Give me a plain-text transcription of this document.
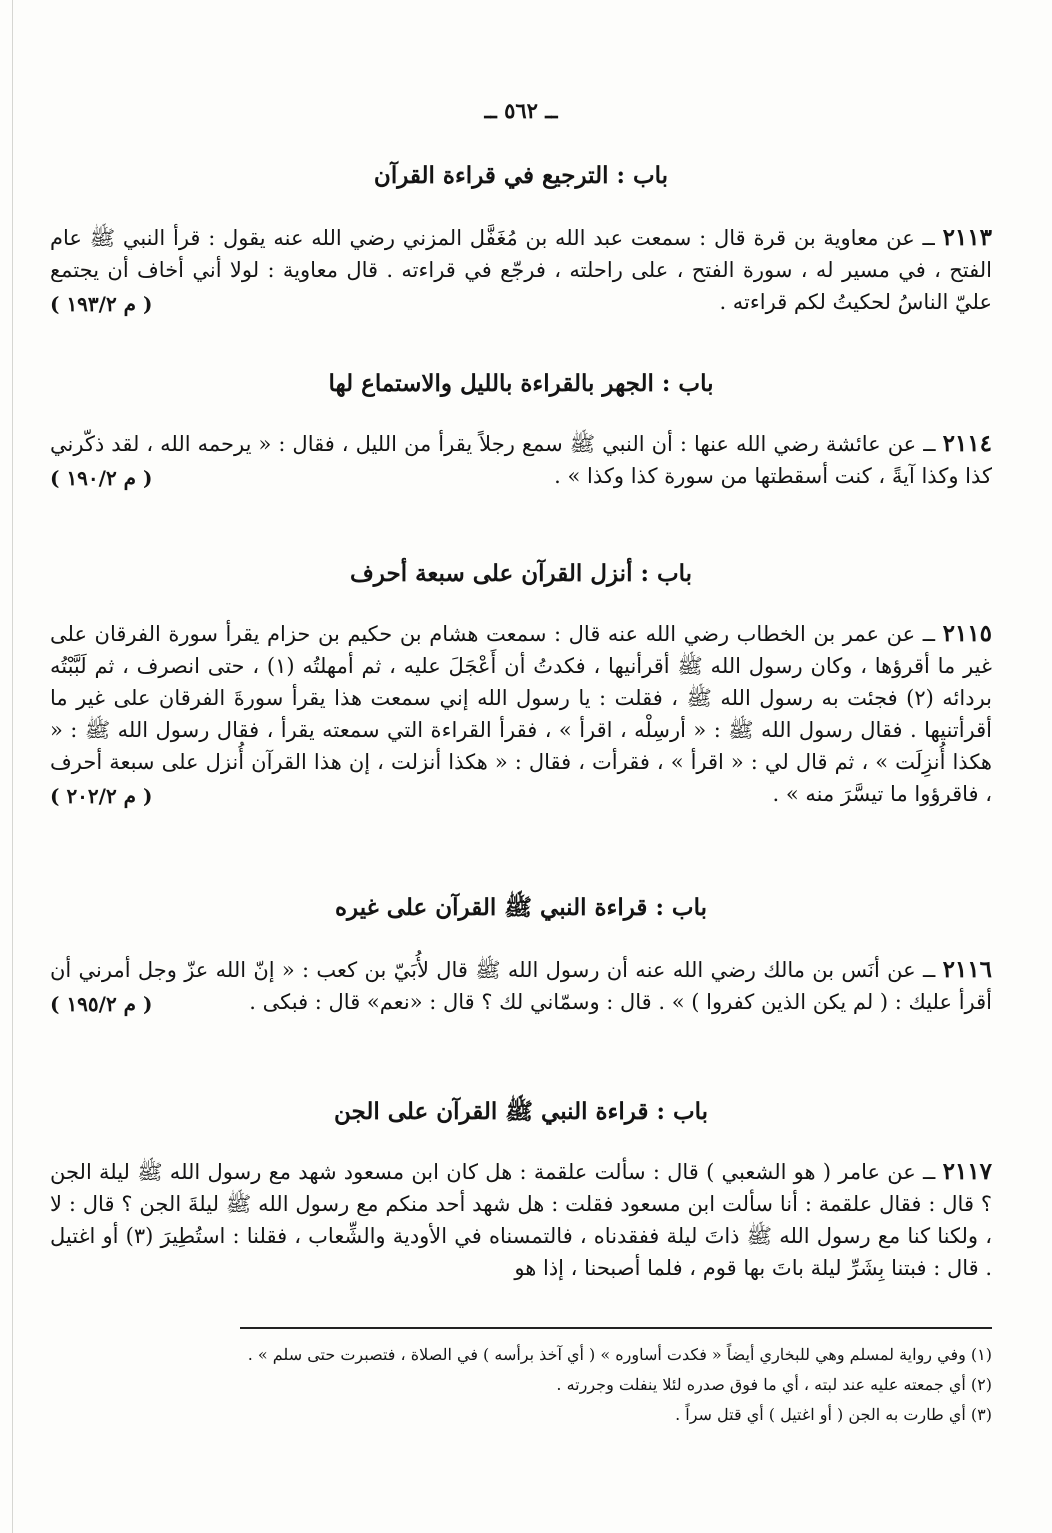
ــ ٥٦٢ ــ
باب : الترجيع في قراءة القرآن
٢١١٣ ــ عن معاوية بن قرة قال : سمعت عبد الله بن مُغَفَّل المزني رضي الله عنه يقول : قرأ النبي ﷺ عام الفتح ، في مسير له ، سورة الفتح ، على راحلته ، فرجّع في قراءته . قال معاوية : لولا أني أخاف أن يجتمع عليّ الناسُ لحكيتُ لكم قراءته .
( م ١٩٣/٢ )
باب : الجهر بالقراءة بالليل والاستماع لها
٢١١٤ ــ عن عائشة رضي الله عنها : أن النبي ﷺ سمع رجلاً يقرأ من الليل ، فقال : « يرحمه الله ، لقد ذكّرني كذا وكذا آيةً ، كنت أسقطتها من سورة كذا وكذا » .
( م ١٩٠/٢ )
باب : أنزل القرآن على سبعة أحرف
٢١١٥ ــ عن عمر بن الخطاب رضي الله عنه قال : سمعت هشام بن حكيم بن حزام يقرأ سورة الفرقان على غير ما أقرؤها ، وكان رسول الله ﷺ أقرأنيها ، فكدتُ أن أَعْجَلَ عليه ، ثم أمهلتُه (١) ، حتى انصرف ، ثم لَبَّبْتُه بردائه (٢) فجئت به رسول الله ﷺ ، فقلت : يا رسول الله إني سمعت هذا يقرأ سورةَ الفرقان على غير ما أقرأتنيها . فقال رسول الله ﷺ : « أرسِلْه ، اقرأ » ، فقرأ القراءة التي سمعته يقرأ ، فقال رسول الله ﷺ : « هكذا أُنزِلَت » ، ثم قال لي : « اقرأ » ، فقرأت ، فقال : « هكذا أنزلت ، إن هذا القرآن أُنزل على سبعة أحرف ، فاقرؤوا ما تيسَّرَ منه » .
( م ٢٠٢/٢ )
باب : قراءة النبي ﷺ القرآن على غيره
٢١١٦ ــ عن أنَس بن مالك رضي الله عنه أن رسول الله ﷺ قال لأُبَيّ بن كعب : « إنّ الله عزّ وجل أمرني أن أقرأ عليك : ( لم يكن الذين كفروا ) » . قال : وسمّاني لك ؟ قال : «نعم» قال : فبكى .
( م ١٩٥/٢ )
باب : قراءة النبي ﷺ القرآن على الجن
٢١١٧ ــ عن عامر ( هو الشعبي ) قال : سألت علقمة : هل كان ابن مسعود شهد مع رسول الله ﷺ ليلة الجن ؟ قال : فقال علقمة : أنا سألت ابن مسعود فقلت : هل شهد أحد منكم مع رسول الله ﷺ ليلةَ الجن ؟ قال : لا ، ولكنا كنا مع رسول الله ﷺ ذاتَ ليلة ففقدناه ، فالتمسناه في الأودية والشِّعاب ، فقلنا : استُطِيرَ (٣) أو اغتيل . قال : فبتنا بِشَرِّ ليلة باتَ بها قوم ، فلما أصبحنا ، إذا هو
(١) وفي رواية لمسلم وهي للبخاري أيضاً « فكدت أساوره » ( أي آخذ برأسه ) في الصلاة ، فتصبرت حتى سلم » .
(٢) أي جمعته عليه عند لبته ، أي ما فوق صدره لئلا ينفلت وجررته .
(٣) أي طارت به الجن ( أو اغتيل ) أي قتل سراً .
